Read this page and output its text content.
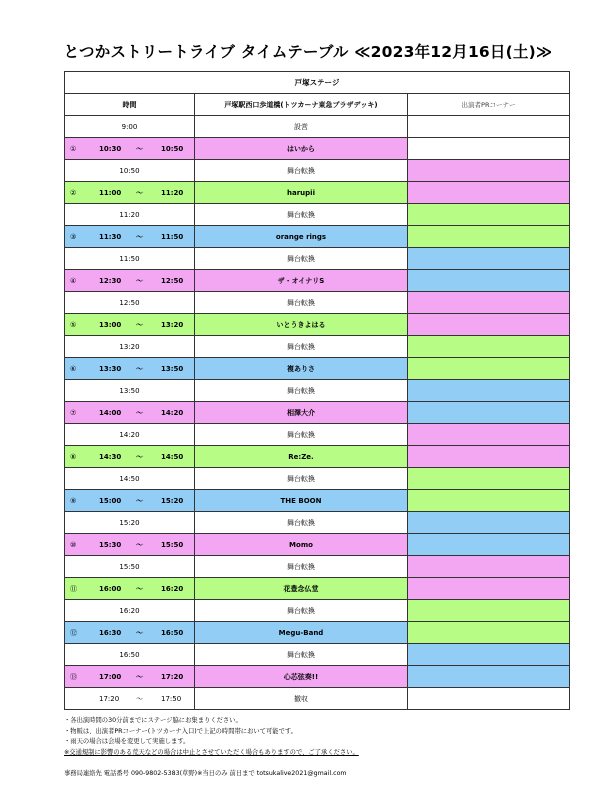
とつかストリートライブ タイムテーブル ≪2023年12月16日(土)≫
戸塚ステージ		
時間	戸塚駅西口歩道橋(トツカーナ東急プラザデッキ)	出演者PRコーナー

9:00	設営	

① 10:30 〜 10:50	はいから	

10:50	舞台転換	

② 11:00 〜 11:20	harupii	

11:20	舞台転換	

③ 11:30 〜 11:50	orange rings	

11:50	舞台転換	

④ 12:30 〜 12:50	ザ・オイナリS	

12:50	舞台転換	

⑤ 13:00 〜 13:20	いとうきよはる	

13:20	舞台転換	

⑥ 13:30 〜 13:50	複ありさ	

13:50	舞台転換	

⑦ 14:00 〜 14:20	相澤大介	

14:20	舞台転換	

⑧ 14:30 〜 14:50	Re:Ze.	

14:50	舞台転換	

⑨ 15:00 〜 15:20	THE BOON	

15:20	舞台転換	

⑩ 15:30 〜 15:50	Momo	

15:50	舞台転換	

⑪ 16:00 〜 16:20	花豊念仏堂	

16:20	舞台転換	

⑫ 16:30 〜 16:50	Megu-Band	

16:50	舞台転換	

⑬ 17:00 〜 17:20	心芯弦奏!!	

17:20 〜 17:50	撤収	
・各出演時間の30分前までにステージ脇にお集まりください。
・物販は、出演者PRコーナー(トツカーナ入口)で上記の時間帯において可能です。
・雨天の場合は会場を変更して実施します。
※交通規制に影響のある荒天などの場合は中止とさせていただく場合もありますので、ご了承ください。
事務局連絡先 電話番号 090-9802-5383(草野)※当日のみ 前日まで totsukalive2021@gmail.com
